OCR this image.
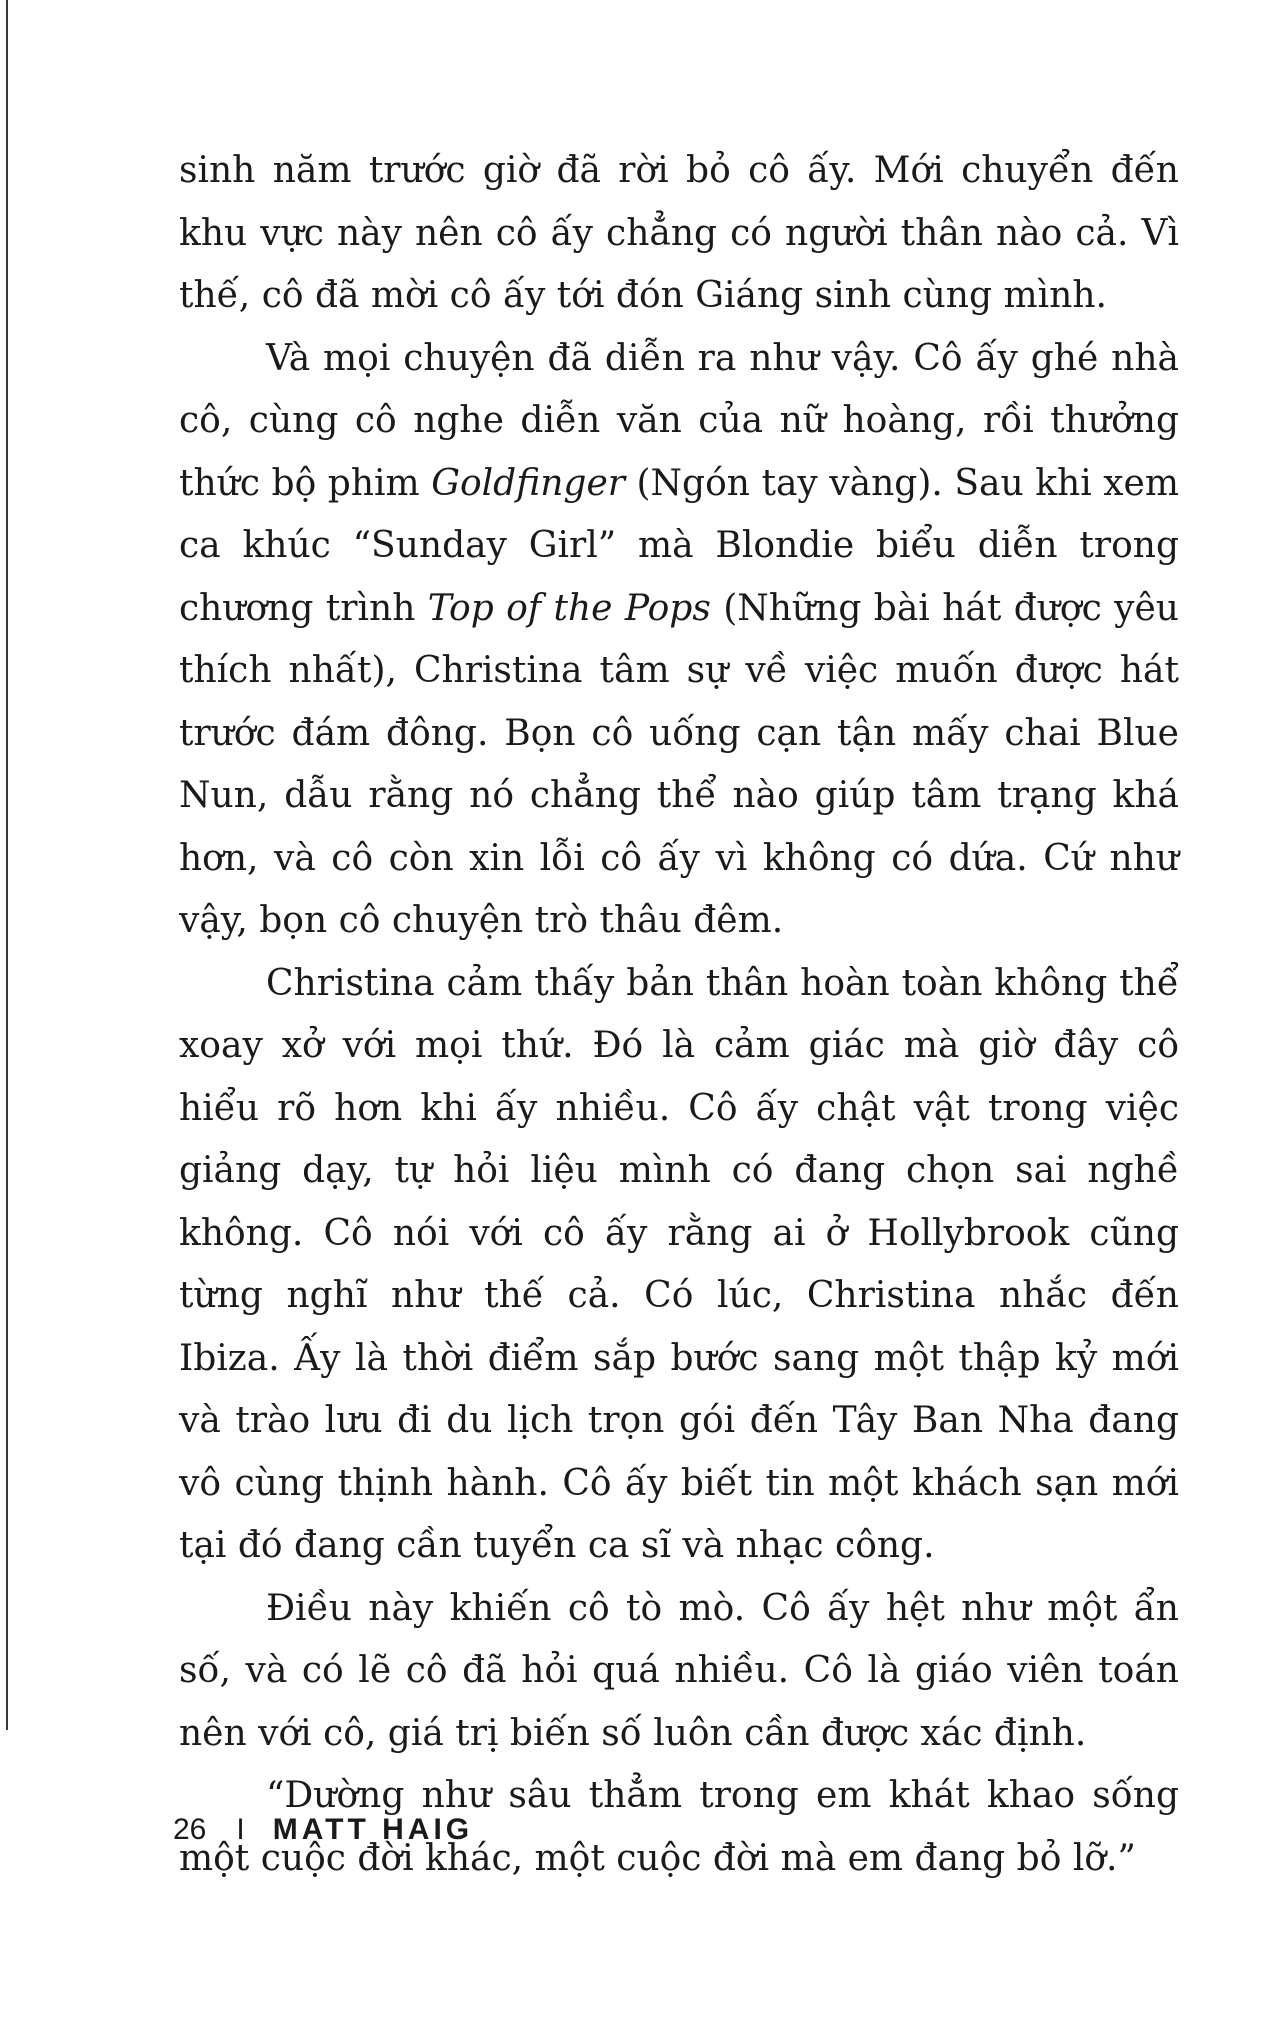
sinh năm trước giờ đã rời bỏ cô ấy. Mới chuyển đến khu vực này nên cô ấy chẳng có người thân nào cả. Vì thế, cô đã mời cô ấy tới đón Giáng sinh cùng mình.

Và mọi chuyện đã diễn ra như vậy. Cô ấy ghé nhà cô, cùng cô nghe diễn văn của nữ hoàng, rồi thưởng thức bộ phim Goldfinger (Ngón tay vàng). Sau khi xem ca khúc “Sunday Girl” mà Blondie biểu diễn trong chương trình Top of the Pops (Những bài hát được yêu thích nhất), Christina tâm sự về việc muốn được hát trước đám đông. Bọn cô uống cạn tận mấy chai Blue Nun, dẫu rằng nó chẳng thể nào giúp tâm trạng khá hơn, và cô còn xin lỗi cô ấy vì không có dứa. Cứ như vậy, bọn cô chuyện trò thâu đêm.

Christina cảm thấy bản thân hoàn toàn không thể xoay xở với mọi thứ. Đó là cảm giác mà giờ đây cô hiểu rõ hơn khi ấy nhiều. Cô ấy chật vật trong việc giảng dạy, tự hỏi liệu mình có đang chọn sai nghề không. Cô nói với cô ấy rằng ai ở Hollybrook cũng từng nghĩ như thế cả. Có lúc, Christina nhắc đến Ibiza. Ấy là thời điểm sắp bước sang một thập kỷ mới và trào lưu đi du lịch trọn gói đến Tây Ban Nha đang vô cùng thịnh hành. Cô ấy biết tin một khách sạn mới tại đó đang cần tuyển ca sĩ và nhạc công.

Điều này khiến cô tò mò. Cô ấy hệt như một ẩn số, và có lẽ cô đã hỏi quá nhiều. Cô là giáo viên toán nên với cô, giá trị biến số luôn cần được xác định.

“Dường như sâu thẳm trong em khát khao sống một cuộc đời khác, một cuộc đời mà em đang bỏ lỡ.”

26 I MATT HAIG
